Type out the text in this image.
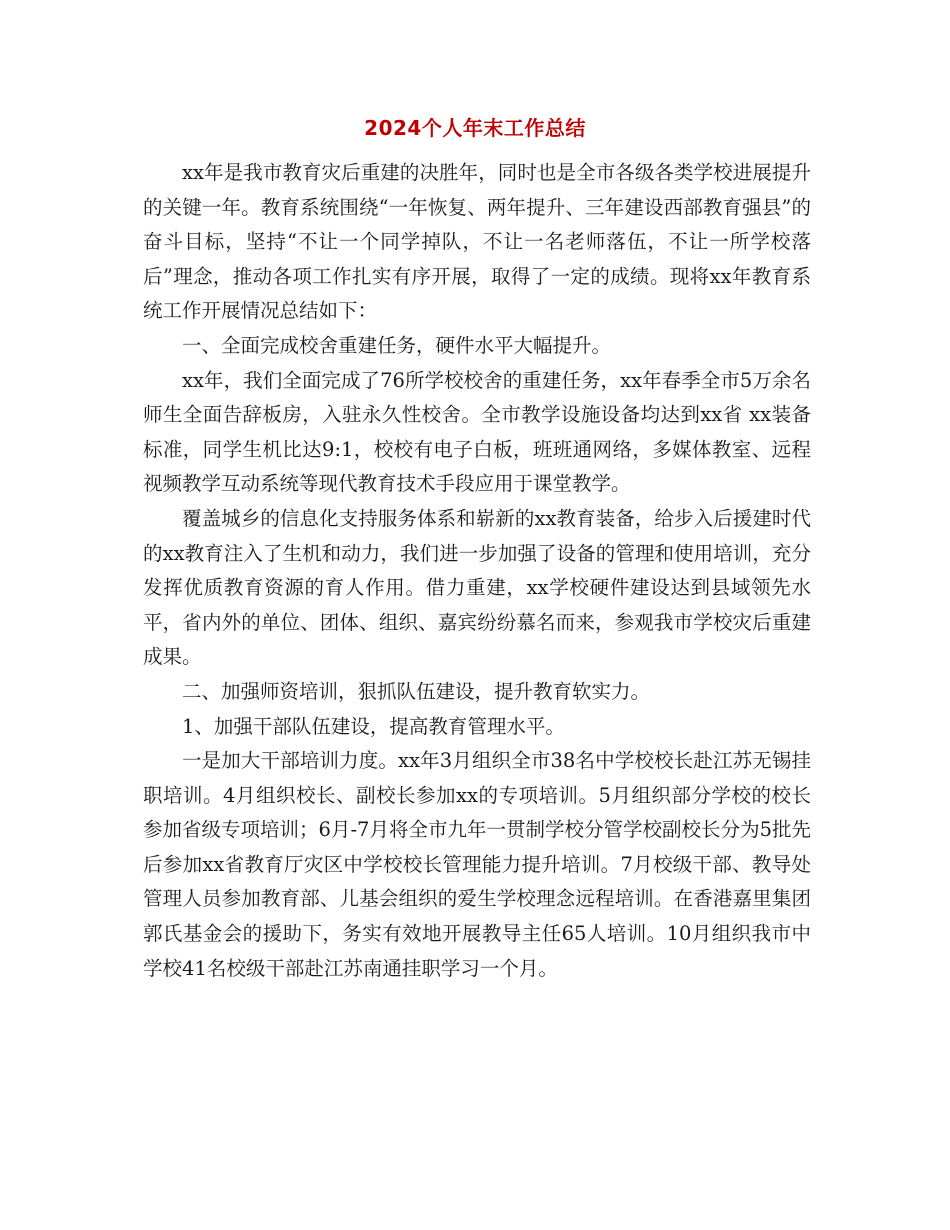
2024个人年末工作总结

xx年是我市教育灾后重建的决胜年，同时也是全市各级各类学校进展提升的关键一年。教育系统围绕“一年恢复、两年提升、三年建设西部教育强县”的奋斗目标，坚持“不让一个同学掉队，不让一名老师落伍，不让一所学校落后”理念，推动各项工作扎实有序开展，取得了一定的成绩。现将xx年教育系统工作开展情况总结如下：

一、全面完成校舍重建任务，硬件水平大幅提升。

xx年，我们全面完成了76所学校校舍的重建任务，xx年春季全市5万余名师生全面告辞板房，入驻永久性校舍。全市教学设施设备均达到xx省 xx装备标准，同学生机比达9:1，校校有电子白板，班班通网络，多媒体教室、远程视频教学互动系统等现代教育技术手段应用于课堂教学。

覆盖城乡的信息化支持服务体系和崭新的xx教育装备，给步入后援建时代的xx教育注入了生机和动力，我们进一步加强了设备的管理和使用培训，充分发挥优质教育资源的育人作用。借力重建，xx学校硬件建设达到县域领先水平，省内外的单位、团体、组织、嘉宾纷纷慕名而来，参观我市学校灾后重建成果。

二、加强师资培训，狠抓队伍建设，提升教育软实力。

1、加强干部队伍建设，提高教育管理水平。

一是加大干部培训力度。xx年3月组织全市38名中学校校长赴江苏无锡挂职培训。4月组织校长、副校长参加xx的专项培训。5月组织部分学校的校长参加省级专项培训；6月-7月将全市九年一贯制学校分管学校副校长分为5批先后参加xx省教育厅灾区中学校校长管理能力提升培训。7月校级干部、教导处管理人员参加教育部、儿基会组织的爱生学校理念远程培训。在香港嘉里集团郭氏基金会的援助下，务实有效地开展教导主任65人培训。10月组织我市中学校41名校级干部赴江苏南通挂职学习一个月。
